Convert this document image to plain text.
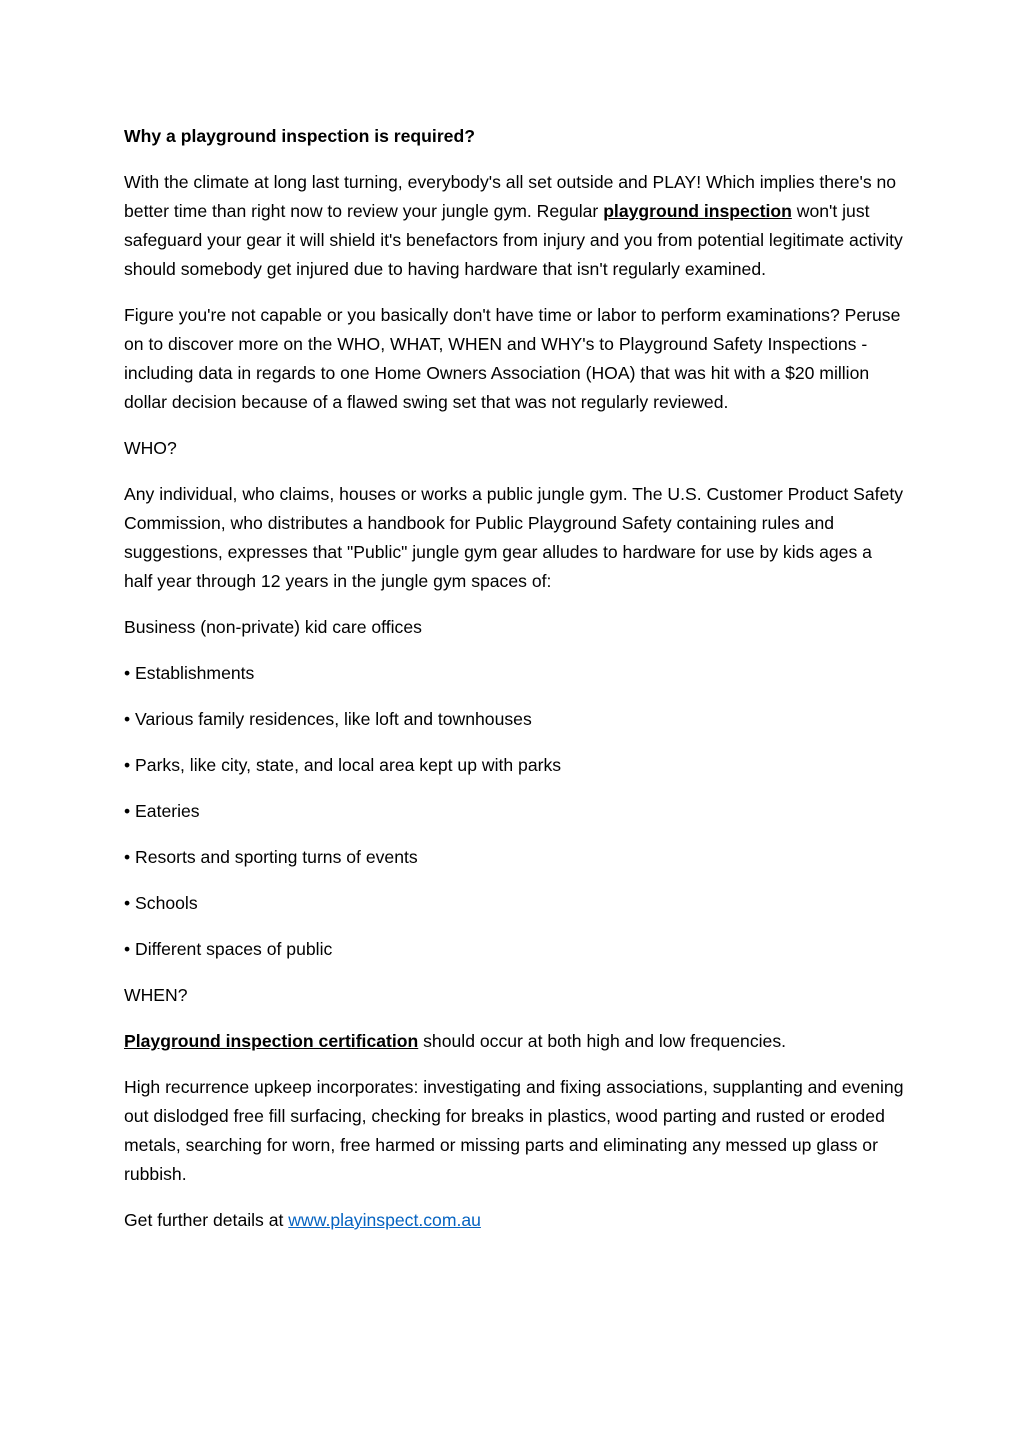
Why a playground inspection is required?

With the climate at long last turning, everybody's all set outside and PLAY! Which implies there's no better time than right now to review your jungle gym. Regular playground inspection won't just safeguard your gear it will shield it's benefactors from injury and you from potential legitimate activity should somebody get injured due to having hardware that isn't regularly examined.

Figure you're not capable or you basically don't have time or labor to perform examinations? Peruse on to discover more on the WHO, WHAT, WHEN and WHY's to Playground Safety Inspections - including data in regards to one Home Owners Association (HOA) that was hit with a $20 million dollar decision because of a flawed swing set that was not regularly reviewed.

WHO?

Any individual, who claims, houses or works a public jungle gym. The U.S. Customer Product Safety Commission, who distributes a handbook for Public Playground Safety containing rules and suggestions, expresses that "Public" jungle gym gear alludes to hardware for use by kids ages a half year through 12 years in the jungle gym spaces of:

Business (non-private) kid care offices

• Establishments

• Various family residences, like loft and townhouses

• Parks, like city, state, and local area kept up with parks

• Eateries

• Resorts and sporting turns of events

• Schools

• Different spaces of public

WHEN?

Playground inspection certification should occur at both high and low frequencies.

High recurrence upkeep incorporates: investigating and fixing associations, supplanting and evening out dislodged free fill surfacing, checking for breaks in plastics, wood parting and rusted or eroded metals, searching for worn, free harmed or missing parts and eliminating any messed up glass or rubbish.

Get further details at www.playinspect.com.au
